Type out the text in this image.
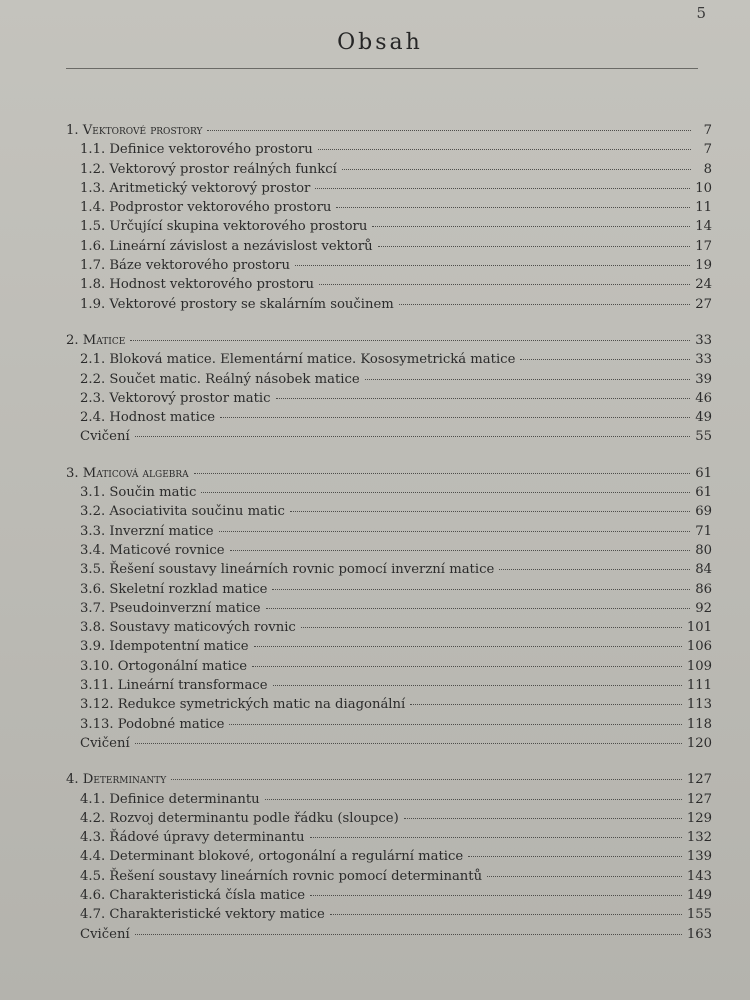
5
Obsah
1. Vektorové prostory	7
1.1. Definice vektorového prostoru	7
1.2. Vektorový prostor reálných funkcí	8
1.3. Aritmetický vektorový prostor	10
1.4. Podprostor vektorového prostoru	11
1.5. Určující skupina vektorového prostoru	14
1.6. Lineární závislost a nezávislost vektorů	17
1.7. Báze vektorového prostoru	19
1.8. Hodnost vektorového prostoru	24
1.9. Vektorové prostory se skalárním součinem	27
2. Matice	33
2.1. Bloková matice. Elementární matice. Kososymetrická matice	33
2.2. Součet matic. Reálný násobek matice	39
2.3. Vektorový prostor matic	46
2.4. Hodnost matice	49
Cvičení	55
3. Maticová algebra	61
3.1. Součin matic	61
3.2. Asociativita součinu matic	69
3.3. Inverzní matice	71
3.4. Maticové rovnice	80
3.5. Řešení soustavy lineárních rovnic pomocí inverzní matice	84
3.6. Skeletní rozklad matice	86
3.7. Pseudoinverzní matice	92
3.8. Soustavy maticových rovnic	101
3.9. Idempotentní matice	106
3.10. Ortogonální matice	109
3.11. Lineární transformace	111
3.12. Redukce symetrických matic na diagonální	113
3.13. Podobné matice	118
Cvičení	120
4. Determinanty	127
4.1. Definice determinantu	127
4.2. Rozvoj determinantu podle řádku (sloupce)	129
4.3. Řádové úpravy determinantu	132
4.4. Determinant blokové, ortogonální a regulární matice	139
4.5. Řešení soustavy lineárních rovnic pomocí determinantů	143
4.6. Charakteristická čísla matice	149
4.7. Charakteristické vektory matice	155
Cvičení	163
